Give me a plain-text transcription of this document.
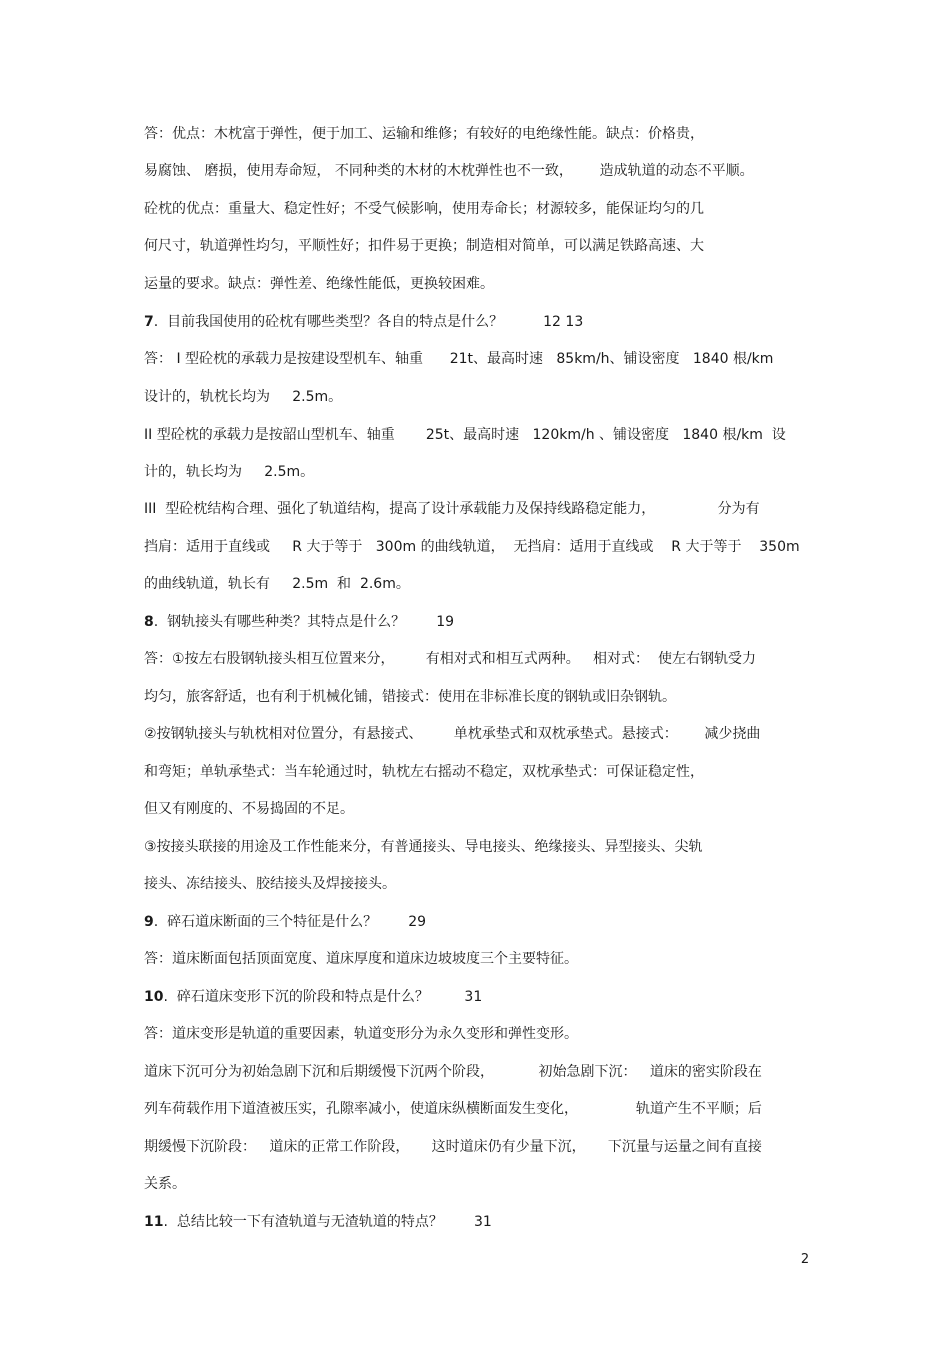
答：优点：木枕富于弹性，便于加工、运输和维修；有较好的电绝缘性能。缺点：价格贵，
易腐蚀、 磨损，使用寿命短， 不同种类的木材的木枕弹性也不一致，      造成轨道的动态不平顺。
砼枕的优点：重量大、稳定性好；不受气候影响，使用寿命长；材源较多，能保证均匀的几
何尺寸，轨道弹性均匀，平顺性好；扣件易于更换；制造相对简单，可以满足铁路高速、大
运量的要求。缺点：弹性差、绝缘性能低，更换较困难。
7.  目前我国使用的砼枕有哪些类型？各自的特点是什么？         12 13
答： I 型砼枕的承载力是按建设型机车、轴重      21t、最高时速   85km/h、铺设密度   1840 根/km
设计的，轨枕长均为     2.5m。
II 型砼枕的承载力是按韶山型机车、轴重       25t、最高时速   120km/h 、铺设密度   1840 根/km  设
计的，轨长均为     2.5m。
III  型砼枕结构合理、强化了轨道结构，提高了设计承载能力及保持线路稳定能力，              分为有
挡肩：适用于直线或     R 大于等于   300m 的曲线轨道，  无挡肩：适用于直线或    R 大于等于    350m
的曲线轨道，轨长有     2.5m  和  2.6m。
8.  钢轨接头有哪些种类？其特点是什么？       19
答：①按左右股钢轨接头相互位置来分，       有相对式和相互式两种。   相对式：  使左右钢轨受力
均匀，旅客舒适，也有利于机械化铺，错接式：使用在非标准长度的钢轨或旧杂钢轨。
②按钢轨接头与轨枕相对位置分，有悬接式、       单枕承垫式和双枕承垫式。悬接式：      减少挠曲
和弯矩；单轨承垫式：当车轮通过时，轨枕左右摇动不稳定，双枕承垫式：可保证稳定性，
但又有刚度的、不易捣固的不足。
③按接头联接的用途及工作性能来分，有普通接头、导电接头、绝缘接头、异型接头、尖轨
接头、冻结接头、胶结接头及焊接接头。
9.  碎石道床断面的三个特征是什么？       29
答：道床断面包括顶面宽度、道床厚度和道床边坡坡度三个主要特征。
10.  碎石道床变形下沉的阶段和特点是什么？        31
答：道床变形是轨道的重要因素，轨道变形分为永久变形和弹性变形。
道床下沉可分为初始急剧下沉和后期缓慢下沉两个阶段，          初始急剧下沉：   道床的密实阶段在
列车荷载作用下道渣被压实，孔隙率减小，使道床纵横断面发生变化，             轨道产生不平顺；后
期缓慢下沉阶段：   道床的正常工作阶段，     这时道床仍有少量下沉，     下沉量与运量之间有直接
关系。
11.  总结比较一下有渣轨道与无渣轨道的特点？       31
2
